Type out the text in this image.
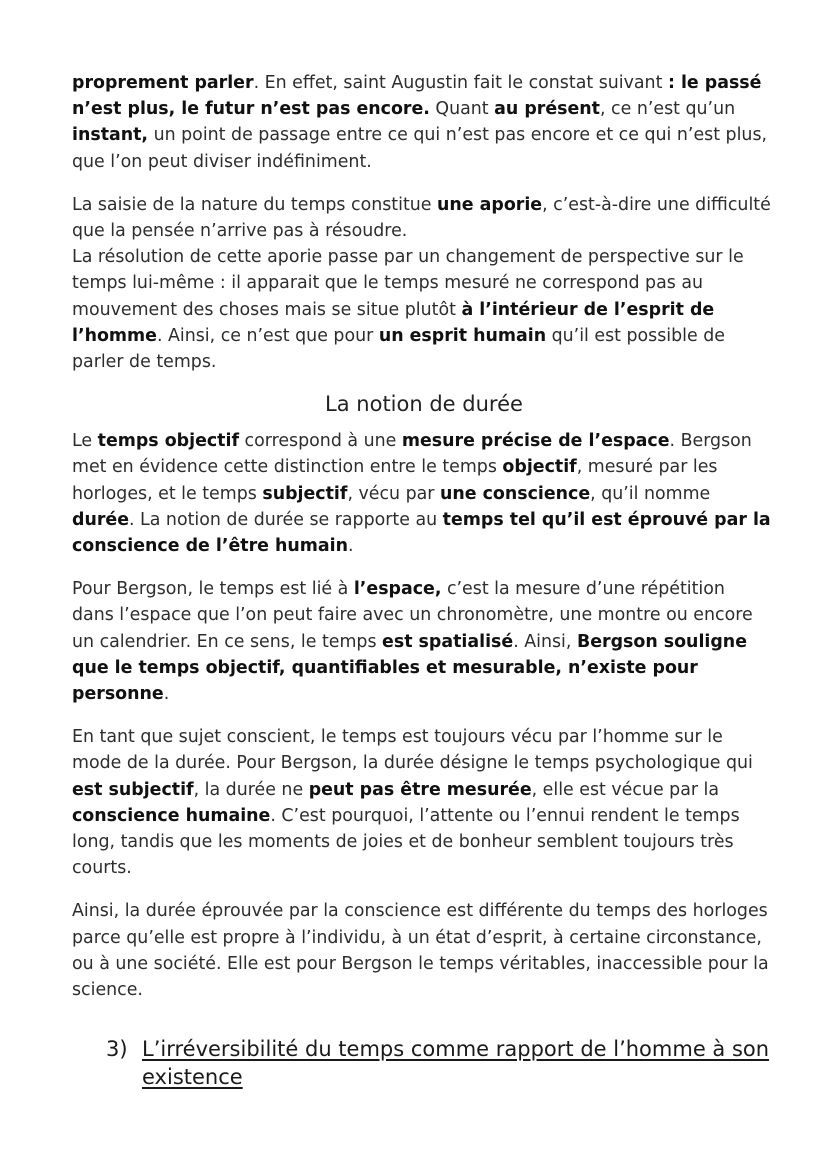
proprement parler. En effet, saint Augustin fait le constat suivant : le passé n’est plus, le futur n’est pas encore. Quant au présent, ce n’est qu’un instant, un point de passage entre ce qui n’est pas encore et ce qui n’est plus, que l’on peut diviser indéfiniment.

La saisie de la nature du temps constitue une aporie, c’est-à-dire une difficulté que la pensée n’arrive pas à résoudre.

La résolution de cette aporie passe par un changement de perspective sur le temps lui-même : il apparait que le temps mesuré ne correspond pas au mouvement des choses mais se situe plutôt à l’intérieur de l’esprit de l’homme. Ainsi, ce n’est que pour un esprit humain qu’il est possible de parler de temps.

La notion de durée

Le temps objectif correspond à une mesure précise de l’espace. Bergson met en évidence cette distinction entre le temps objectif, mesuré par les horloges, et le temps subjectif, vécu par une conscience, qu’il nomme durée. La notion de durée se rapporte au temps tel qu’il est éprouvé par la conscience de l’être humain.

Pour Bergson, le temps est lié à l’espace, c’est la mesure d’une répétition dans l’espace que l’on peut faire avec un chronomètre, une montre ou encore un calendrier. En ce sens, le temps est spatialisé. Ainsi, Bergson souligne que le temps objectif, quantifiables et mesurable, n’existe pour personne.

En tant que sujet conscient, le temps est toujours vécu par l’homme sur le mode de la durée. Pour Bergson, la durée désigne le temps psychologique qui est subjectif, la durée ne peut pas être mesurée, elle est vécue par la conscience humaine. C’est pourquoi, l’attente ou l’ennui rendent le temps long, tandis que les moments de joies et de bonheur semblent toujours très courts.

Ainsi, la durée éprouvée par la conscience est différente du temps des horloges parce qu’elle est propre à l’individu, à un état d’esprit, à certaine circonstance, ou à une société. Elle est pour Bergson le temps véritables, inaccessible pour la science.

3) L’irréversibilité du temps comme rapport de l’homme à son existence
